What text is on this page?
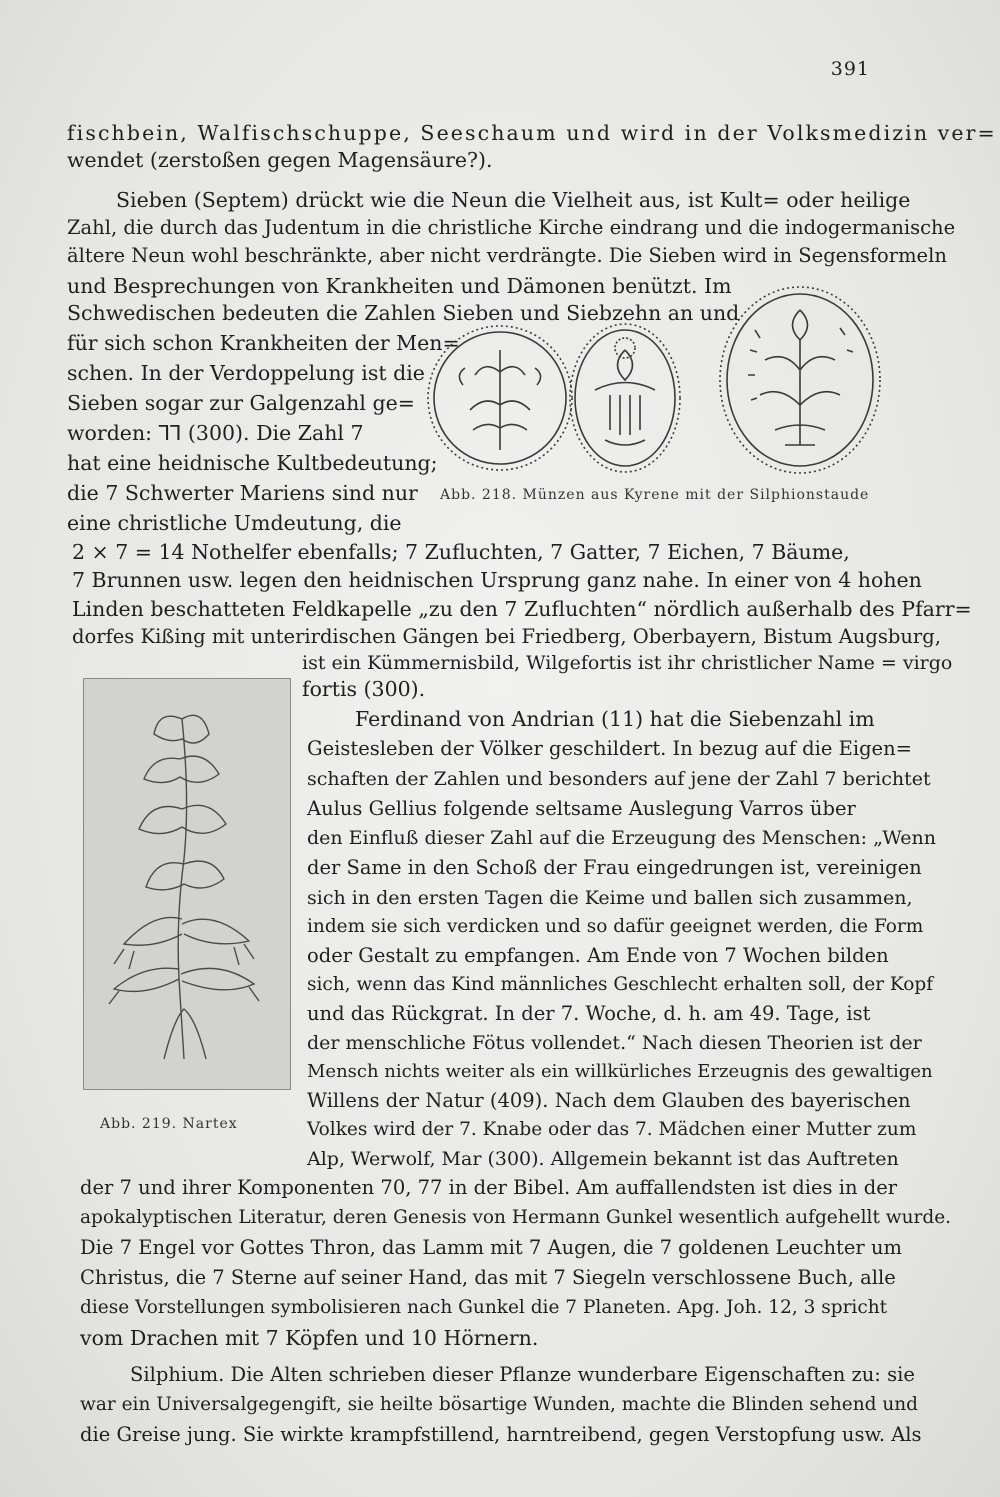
391
fischbein, Walfischschuppe, Seeschaum und wird in der Volksmedizin ver=
wendet (zerstoßen gegen Magensäure?).
Sieben (Septem) drückt wie die Neun die Vielheit aus, ist Kult= oder heilige
Zahl, die durch das Judentum in die christliche Kirche eindrang und die indogermanische
ältere Neun wohl beschränkte, aber nicht verdrängte. Die Sieben wird in Segensformeln
und Besprechungen von Krankheiten und Dämonen benützt. Im
Schwedischen bedeuten die Zahlen Sieben und Siebzehn an und
für sich schon Krankheiten der Men=
schen. In der Verdoppelung ist die
Sieben sogar zur Galgenzahl ge=
worden: ⅂⅂ (300). Die Zahl 7
hat eine heidnische Kultbedeutung;
die 7 Schwerter Mariens sind nur
eine christliche Umdeutung, die
2 × 7 = 14 Nothelfer ebenfalls; 7 Zufluchten, 7 Gatter, 7 Eichen, 7 Bäume,
7 Brunnen usw. legen den heidnischen Ursprung ganz nahe. In einer von 4 hohen
Linden beschatteten Feldkapelle „zu den 7 Zufluchten“ nördlich außerhalb des Pfarr=
dorfes Kißing mit unterirdischen Gängen bei Friedberg, Oberbayern, Bistum Augsburg,
ist ein Kümmernisbild, Wilgefortis ist ihr christlicher Name = virgo
fortis (300).
Ferdinand von Andrian (11) hat die Siebenzahl im
Geistesleben der Völker geschildert. In bezug auf die Eigen=
schaften der Zahlen und besonders auf jene der Zahl 7 berichtet
Aulus Gellius folgende seltsame Auslegung Varros über
den Einfluß dieser Zahl auf die Erzeugung des Menschen: „Wenn
der Same in den Schoß der Frau eingedrungen ist, vereinigen
sich in den ersten Tagen die Keime und ballen sich zusammen,
indem sie sich verdicken und so dafür geeignet werden, die Form
oder Gestalt zu empfangen. Am Ende von 7 Wochen bilden
sich, wenn das Kind männliches Geschlecht erhalten soll, der Kopf
und das Rückgrat. In der 7. Woche, d. h. am 49. Tage, ist
der menschliche Fötus vollendet.“ Nach diesen Theorien ist der
Mensch nichts weiter als ein willkürliches Erzeugnis des gewaltigen
Willens der Natur (409). Nach dem Glauben des bayerischen
Volkes wird der 7. Knabe oder das 7. Mädchen einer Mutter zum
Alp, Werwolf, Mar (300). Allgemein bekannt ist das Auftreten
der 7 und ihrer Komponenten 70, 77 in der Bibel. Am auffallendsten ist dies in der
apokalyptischen Literatur, deren Genesis von Hermann Gunkel wesentlich aufgehellt wurde.
Die 7 Engel vor Gottes Thron, das Lamm mit 7 Augen, die 7 goldenen Leuchter um
Christus, die 7 Sterne auf seiner Hand, das mit 7 Siegeln verschlossene Buch, alle
diese Vorstellungen symbolisieren nach Gunkel die 7 Planeten. Apg. Joh. 12, 3 spricht
vom Drachen mit 7 Köpfen und 10 Hörnern.
Silphium. Die Alten schrieben dieser Pflanze wunderbare Eigenschaften zu: sie
war ein Universalgegengift, sie heilte bösartige Wunden, machte die Blinden sehend und
die Greise jung. Sie wirkte krampfstillend, harntreibend, gegen Verstopfung usw. Als
Abb. 218. Münzen aus Kyrene mit der Silphionstaude
Abb. 219. Nartex
